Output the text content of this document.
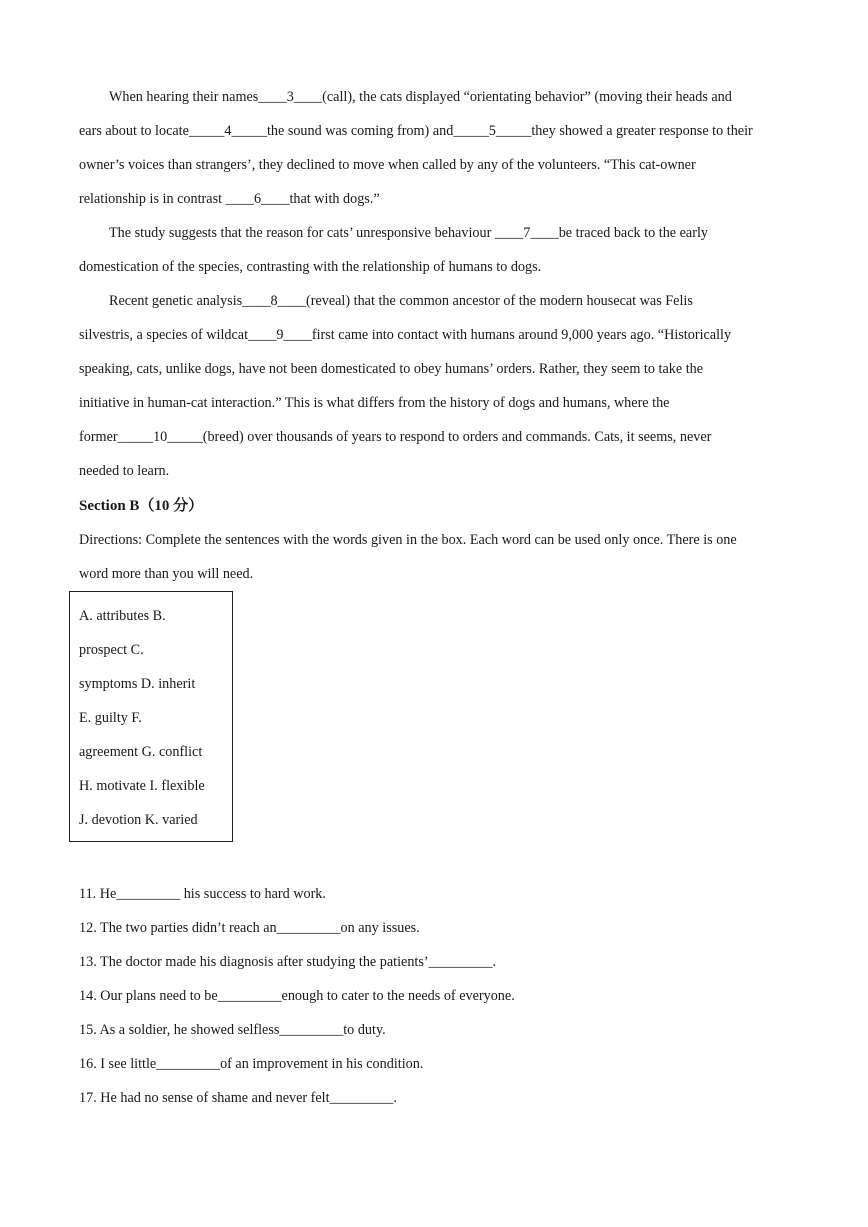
When hearing their names____3____(call), the cats displayed “orientating behavior” (moving their heads and
ears about to locate_____4_____the sound was coming from) and_____5_____they showed a greater response to their
owner’s voices than strangers’, they declined to move when called by any of the volunteers. “This cat-owner
relationship is in contrast ____6____that with dogs.”
The study suggests that the reason for cats’ unresponsive behaviour ____7____be traced back to the early
domestication of the species, contrasting with the relationship of humans to dogs.
Recent genetic analysis____8____(reveal) that the common ancestor of the modern housecat was Felis
silvestris, a species of wildcat____9____first came into contact with humans around 9,000 years ago. “Historically
speaking, cats, unlike dogs, have not been domesticated to obey humans’ orders. Rather, they seem to take the
initiative in human-cat interaction.” This is what differs from the history of dogs and humans, where the
former_____10_____(breed) over thousands of years to respond to orders and commands. Cats, it seems, never
needed to learn.
Section B（10 分）
Directions: Complete the sentences with the words given in the box. Each word can be used only once. There is one
word more than you will need.
A. attributes B.
prospect C.
symptoms D. inherit
E. guilty F.
agreement G. conflict
H. motivate I. flexible
J. devotion K. varied
11. He_________ his success to hard work.
12. The two parties didn’t reach an_________on any issues.
13. The doctor made his diagnosis after studying the patients’_________.
14. Our plans need to be_________enough to cater to the needs of everyone.
15. As a soldier, he showed selfless_________to duty.
16. I see little_________of an improvement in his condition.
17. He had no sense of shame and never felt_________.
